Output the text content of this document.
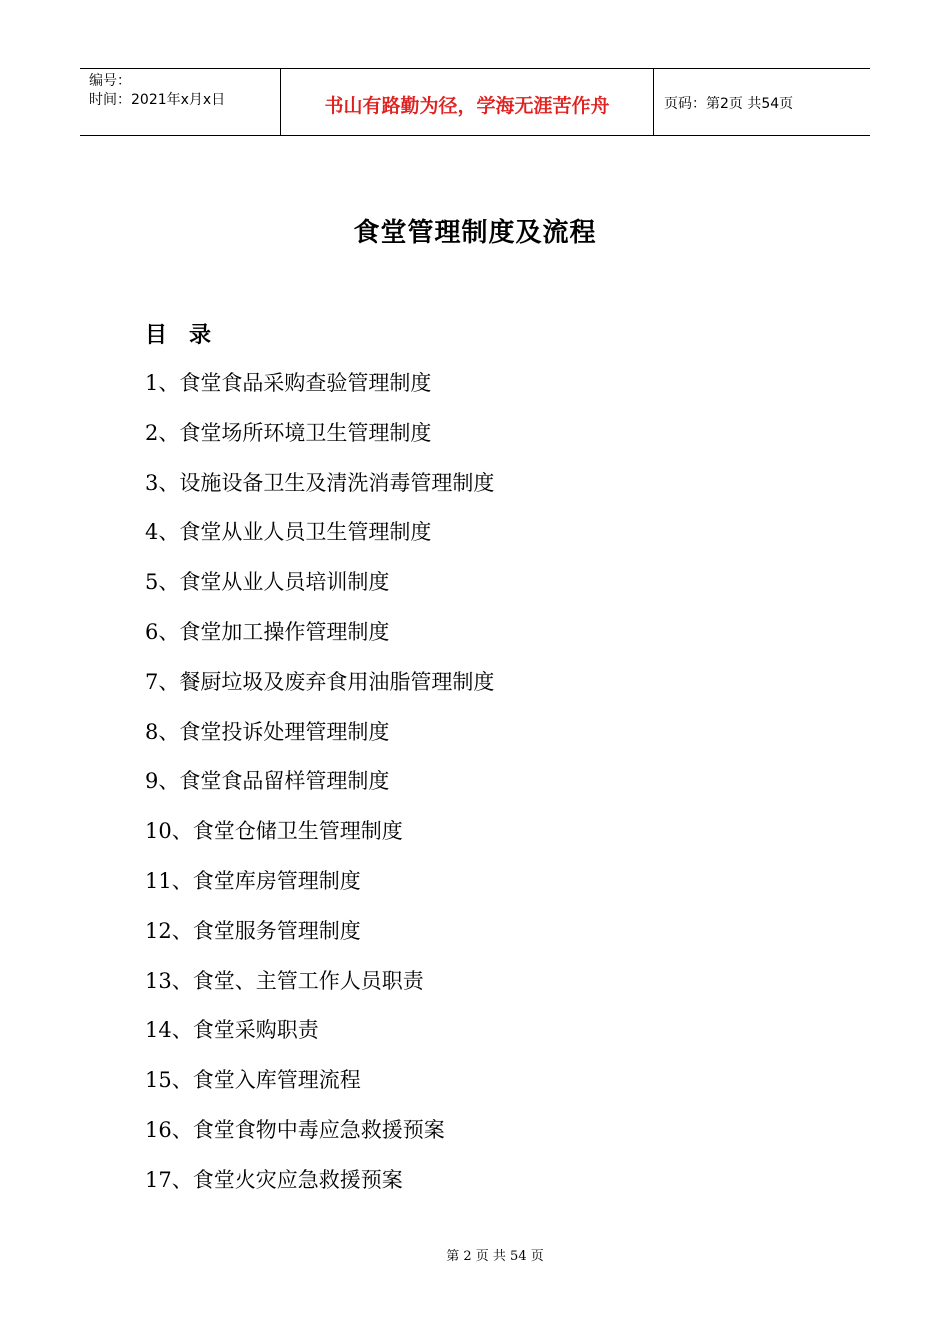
编号：
时间：2021年x月x日	书山有路勤为径，学海无涯苦作舟	页码：第2页 共54页
食堂管理制度及流程
目　录
1、食堂食品采购查验管理制度
2、食堂场所环境卫生管理制度
3、设施设备卫生及清洗消毒管理制度
4、食堂从业人员卫生管理制度
5、食堂从业人员培训制度
6、食堂加工操作管理制度
7、餐厨垃圾及废弃食用油脂管理制度
8、食堂投诉处理管理制度
9、食堂食品留样管理制度
10、食堂仓储卫生管理制度
11、食堂库房管理制度
12、食堂服务管理制度
13、食堂、主管工作人员职责
14、食堂采购职责
15、食堂入库管理流程
16、食堂食物中毒应急救援预案
17、食堂火灾应急救援预案
第 2 页 共 54 页
